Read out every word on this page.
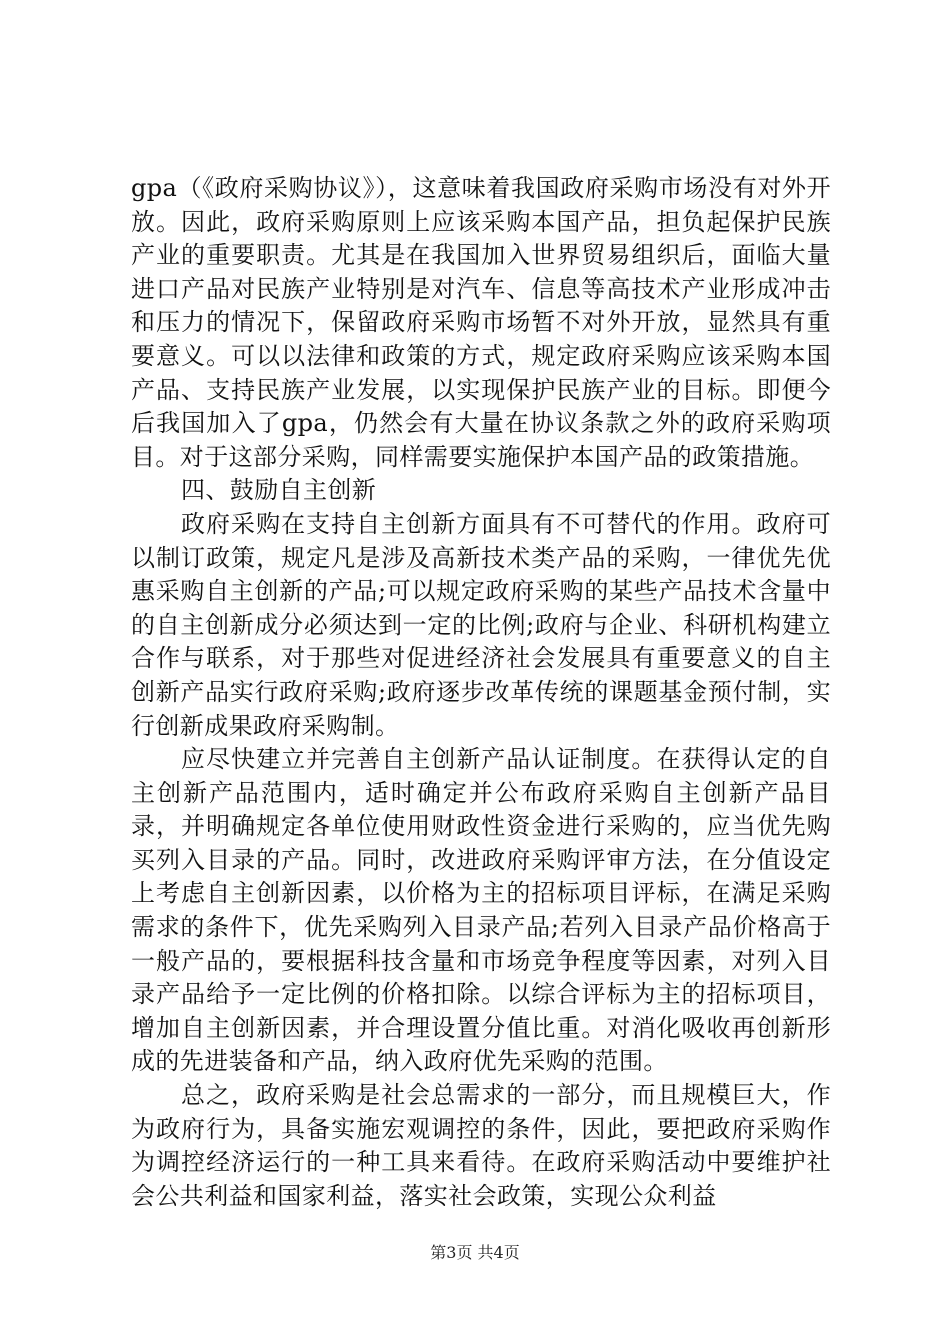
gpa（《政府采购协议》），这意味着我国政府采购市场没有对外开放。因此，政府采购原则上应该采购本国产品，担负起保护民族产业的重要职责。尤其是在我国加入世界贸易组织后，面临大量进口产品对民族产业特别是对汽车、信息等高技术产业形成冲击和压力的情况下，保留政府采购市场暂不对外开放，显然具有重要意义。可以以法律和政策的方式，规定政府采购应该采购本国产品、支持民族产业发展，以实现保护民族产业的目标。即便今后我国加入了gpa，仍然会有大量在协议条款之外的政府采购项目。对于这部分采购，同样需要实施保护本国产品的政策措施。

四、鼓励自主创新

政府采购在支持自主创新方面具有不可替代的作用。政府可以制订政策，规定凡是涉及高新技术类产品的采购，一律优先优惠采购自主创新的产品;可以规定政府采购的某些产品技术含量中的自主创新成分必须达到一定的比例;政府与企业、科研机构建立合作与联系，对于那些对促进经济社会发展具有重要意义的自主创新产品实行政府采购;政府逐步改革传统的课题基金预付制，实行创新成果政府采购制。

应尽快建立并完善自主创新产品认证制度。在获得认定的自主创新产品范围内，适时确定并公布政府采购自主创新产品目录，并明确规定各单位使用财政性资金进行采购的，应当优先购买列入目录的产品。同时，改进政府采购评审方法，在分值设定上考虑自主创新因素，以价格为主的招标项目评标，在满足采购需求的条件下，优先采购列入目录产品;若列入目录产品价格高于一般产品的，要根据科技含量和市场竞争程度等因素，对列入目录产品给予一定比例的价格扣除。以综合评标为主的招标项目，增加自主创新因素，并合理设置分值比重。对消化吸收再创新形成的先进装备和产品，纳入政府优先采购的范围。

总之，政府采购是社会总需求的一部分，而且规模巨大，作为政府行为，具备实施宏观调控的条件，因此，要把政府采购作为调控经济运行的一种工具来看待。在政府采购活动中要维护社会公共利益和国家利益，落实社会政策，实现公众利益

第3页 共4页
